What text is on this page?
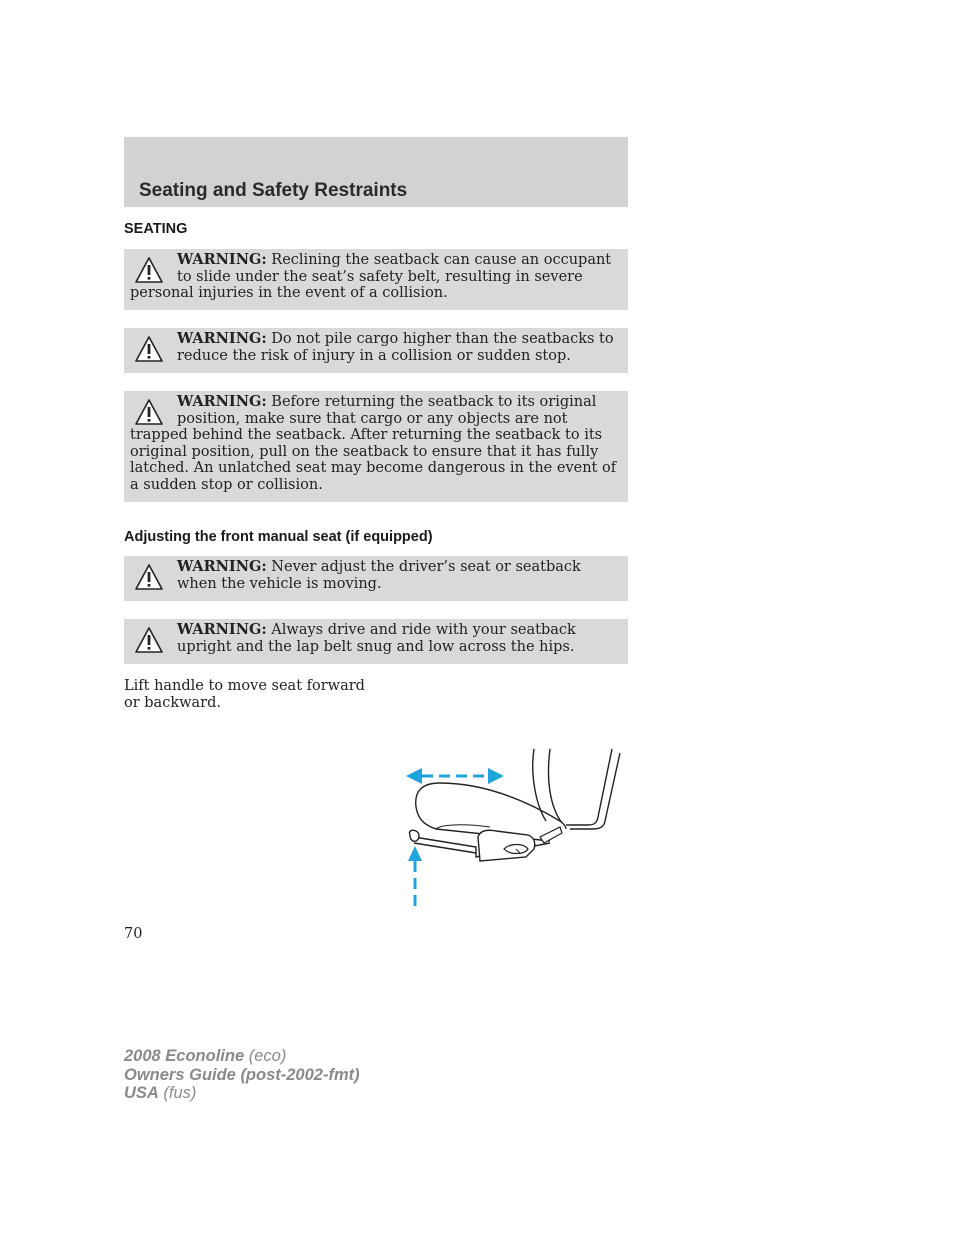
Seating and Safety Restraints
SEATING
WARNING: Reclining the seatback can cause an occupant to slide under the seat’s safety belt, resulting in severe personal injuries in the event of a collision.
WARNING: Do not pile cargo higher than the seatbacks to reduce the risk of injury in a collision or sudden stop.
WARNING: Before returning the seatback to its original position, make sure that cargo or any objects are not trapped behind the seatback. After returning the seatback to its original position, pull on the seatback to ensure that it has fully latched. An unlatched seat may become dangerous in the event of a sudden stop or collision.
Adjusting the front manual seat (if equipped)
WARNING: Never adjust the driver’s seat or seatback when the vehicle is moving.
WARNING: Always drive and ride with your seatback upright and the lap belt snug and low across the hips.
Lift handle to move seat forward or backward.
70
2008 Econoline (eco)
Owners Guide (post-2002-fmt)
USA (fus)
